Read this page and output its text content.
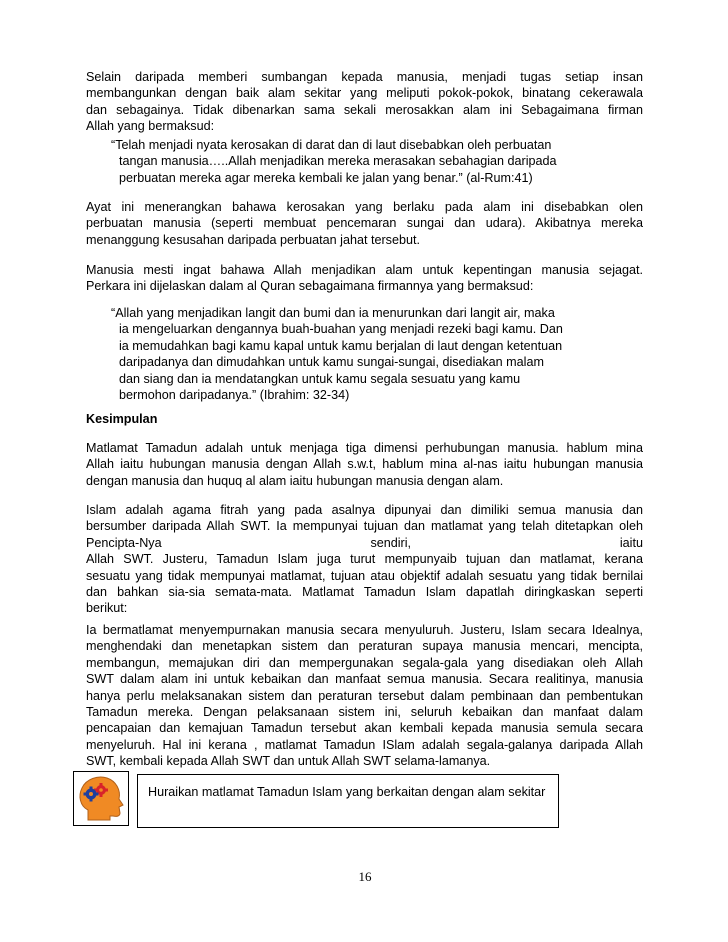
Selain daripada memberi sumbangan kepada manusia, menjadi tugas setiap insan
membangunkan dengan baik alam sekitar yang meliputi pokok-pokok, binatang cekerawala
dan sebagainya. Tidak dibenarkan sama sekali merosakkan alam ini Sebagaimana firman
Allah yang bermaksud:
“Telah menjadi nyata kerosakan di darat dan di laut disebabkan oleh perbuatan
tangan manusia…..Allah menjadikan mereka merasakan sebahagian daripada
perbuatan mereka agar mereka kembali ke jalan yang benar.” (al-Rum:41)
Ayat ini menerangkan bahawa kerosakan yang berlaku pada alam ini disebabkan olen
perbuatan manusia (seperti membuat pencemaran sungai dan udara). Akibatnya mereka
menanggung kesusahan daripada perbuatan jahat tersebut.
Manusia mesti ingat bahawa Allah menjadikan alam untuk kepentingan manusia sejagat.
Perkara ini dijelaskan dalam al Quran sebagaimana firmannya yang bermaksud:
“Allah yang menjadikan langit dan bumi dan ia menurunkan dari langit air, maka
ia mengeluarkan dengannya buah-buahan yang menjadi rezeki bagi kamu. Dan
ia memudahkan bagi kamu kapal untuk kamu berjalan di laut dengan ketentuan
daripadanya dan dimudahkan untuk kamu sungai-sungai, disediakan malam
dan siang dan ia mendatangkan untuk kamu segala sesuatu yang kamu
bermohon daripadanya.” (Ibrahim: 32-34)
Kesimpulan
Matlamat Tamadun adalah untuk menjaga tiga dimensi perhubungan manusia. hablum mina
Allah iaitu hubungan manusia dengan Allah s.w.t, hablum mina al-nas iaitu hubungan manusia
dengan manusia dan huquq al alam iaitu hubungan manusia dengan alam.
Islam adalah agama fitrah yang pada asalnya dipunyai dan dimiliki semua manusia dan
bersumber daripada Allah SWT. Ia mempunyai tujuan dan matlamat yang telah ditetapkan oleh
Pencipta-Nya sendiri, iaitu
Allah SWT. Justeru, Tamadun Islam juga turut mempunyaib tujuan dan matlamat, kerana
sesuatu yang tidak mempunyai matlamat, tujuan atau objektif adalah sesuatu yang tidak bernilai
dan bahkan sia-sia semata-mata. Matlamat Tamadun Islam dapatlah diringkaskan seperti
berikut:
Ia bermatlamat menyempurnakan manusia secara menyuluruh. Justeru, Islam secara Idealnya,
menghendaki dan menetapkan sistem dan peraturan supaya manusia mencari, mencipta,
membangun, memajukan diri dan mempergunakan segala-gala yang disediakan oleh Allah
SWT dalam alam ini untuk kebaikan dan manfaat semua manusia. Secara realitinya, manusia
hanya perlu melaksanakan sistem dan peraturan tersebut dalam pembinaan dan pembentukan
Tamadun mereka. Dengan pelaksanaan sistem ini, seluruh kebaikan dan manfaat dalam
pencapaian dan kemajuan Tamadun tersebut akan kembali kepada manusia semula secara
menyeluruh. Hal ini kerana , matlamat Tamadun ISlam adalah segala-galanya daripada Allah
SWT, kembali kepada Allah SWT dan untuk Allah SWT selama-lamanya.
Huraikan matlamat Tamadun Islam yang berkaitan dengan alam sekitar
16
